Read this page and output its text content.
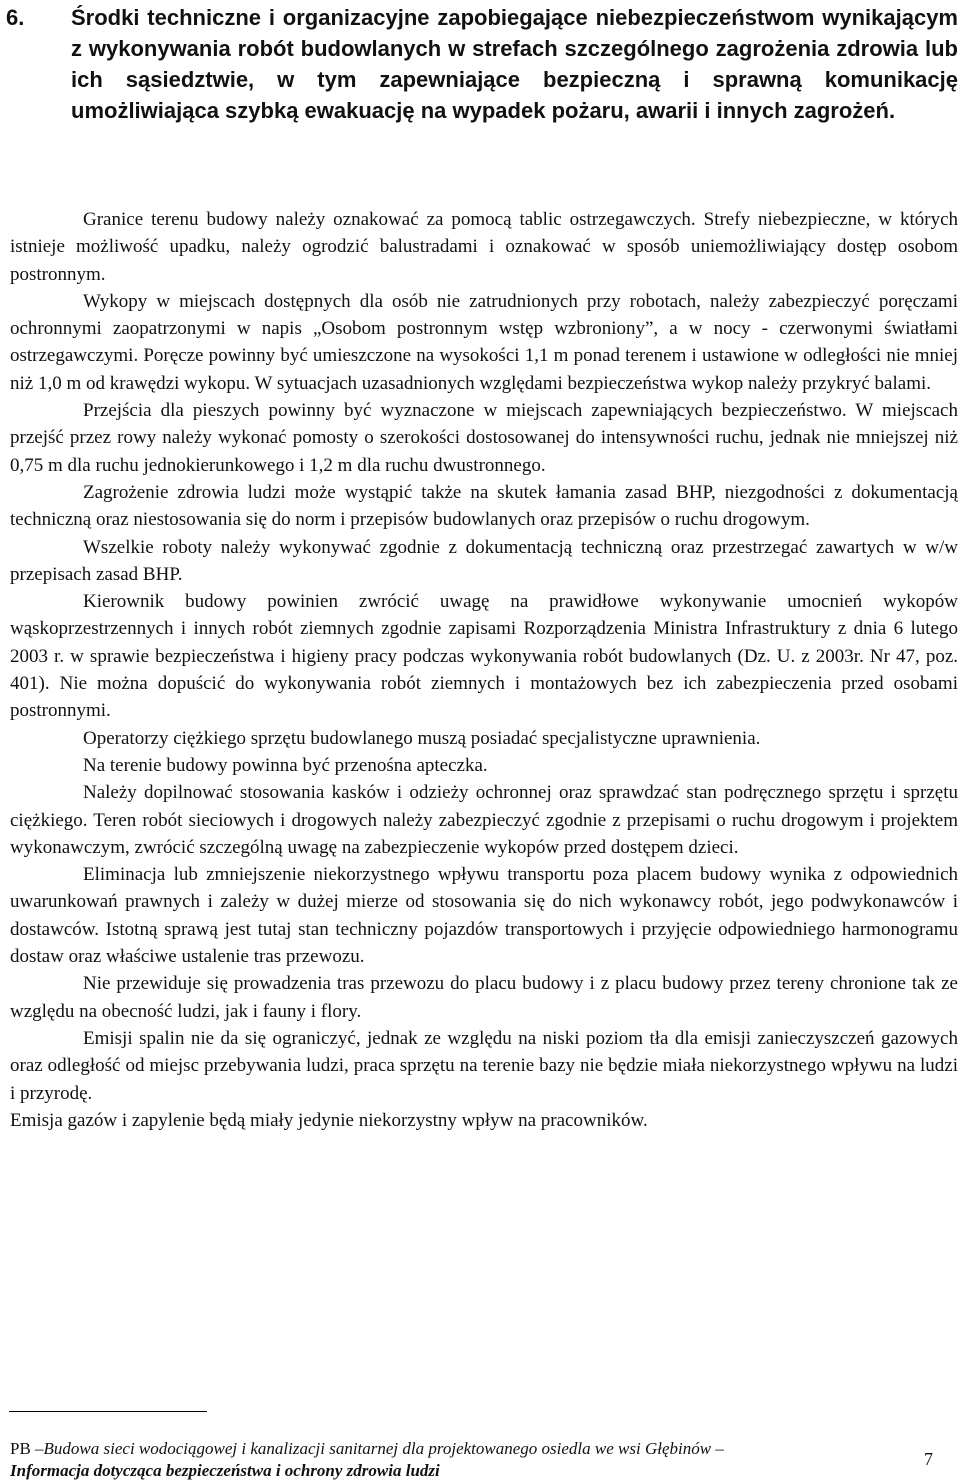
6. Środki techniczne i organizacyjne zapobiegające niebezpieczeństwom wynikającym z wykonywania robót budowlanych w strefach szczególnego zagrożenia zdrowia lub ich sąsiedztwie, w tym zapewniające bezpieczną i sprawną komunikację umożliwiająca szybką ewakuację na wypadek pożaru, awarii i innych zagrożeń.

Granice terenu budowy należy oznakować za pomocą tablic ostrzegawczych. Strefy niebezpieczne, w których istnieje możliwość upadku, należy ogrodzić balustradami i oznakować w sposób uniemożliwiający dostęp osobom postronnym.

Wykopy w miejscach dostępnych dla osób nie zatrudnionych przy robotach, należy zabezpieczyć poręczami ochronnymi zaopatrzonymi w napis „Osobom postronnym wstęp wzbroniony”, a w nocy - czerwonymi światłami ostrzegawczymi. Poręcze powinny być umieszczone na wysokości 1,1 m ponad terenem i ustawione w odległości nie mniej niż 1,0 m od krawędzi wykopu. W sytuacjach uzasadnionych względami bezpieczeństwa wykop należy przykryć balami.

Przejścia dla pieszych powinny być wyznaczone w miejscach zapewniających bezpieczeństwo. W miejscach przejść przez rowy należy wykonać pomosty o szerokości dostosowanej do intensywności ruchu, jednak nie mniejszej niż 0,75 m dla ruchu jednokierunkowego i 1,2 m dla ruchu dwustronnego.

Zagrożenie zdrowia ludzi może wystąpić także na skutek łamania zasad BHP, niezgodności z dokumentacją techniczną oraz niestosowania się do norm i przepisów budowlanych oraz przepisów o ruchu drogowym.

Wszelkie roboty należy wykonywać zgodnie z dokumentacją techniczną oraz przestrzegać zawartych w w/w przepisach zasad BHP.

Kierownik budowy powinien zwrócić uwagę na prawidłowe wykonywanie umocnień wykopów wąskoprzestrzennych i innych robót ziemnych zgodnie zapisami Rozporządzenia Ministra Infrastruktury z dnia 6 lutego 2003 r. w sprawie bezpieczeństwa i higieny pracy podczas wykonywania robót budowlanych (Dz. U. z 2003r. Nr 47, poz. 401). Nie można dopuścić do wykonywania robót ziemnych i montażowych bez ich zabezpieczenia przed osobami postronnymi.

Operatorzy ciężkiego sprzętu budowlanego muszą posiadać specjalistyczne uprawnienia.

Na terenie budowy powinna być przenośna apteczka.

Należy dopilnować stosowania kasków i odzieży ochronnej oraz sprawdzać stan podręcznego sprzętu i sprzętu ciężkiego. Teren robót sieciowych i drogowych należy zabezpieczyć zgodnie z przepisami o ruchu drogowym i projektem wykonawczym, zwrócić szczególną uwagę na zabezpieczenie wykopów przed dostępem dzieci.

Eliminacja lub zmniejszenie niekorzystnego wpływu transportu poza placem budowy wynika z odpowiednich uwarunkowań prawnych i zależy w dużej mierze od stosowania się do nich wykonawcy robót, jego podwykonawców i dostawców. Istotną sprawą jest tutaj stan techniczny pojazdów transportowych i przyjęcie odpowiedniego harmonogramu dostaw oraz właściwe ustalenie tras przewozu.

Nie przewiduje się prowadzenia tras przewozu do placu budowy i z placu budowy przez tereny chronione tak ze względu na obecność ludzi, jak i fauny i flory.

Emisji spalin nie da się ograniczyć, jednak ze względu na niski poziom tła dla emisji zanieczyszczeń gazowych oraz odległość od miejsc przebywania ludzi, praca sprzętu na terenie bazy nie będzie miała niekorzystnego wpływu na ludzi i przyrodę.

Emisja gazów i zapylenie będą miały jedynie niekorzystny wpływ na pracowników.

PB –Budowa sieci wodociągowej i kanalizacji sanitarnej dla projektowanego osiedla we wsi Głębinów –
Informacja dotycząca bezpieczeństwa i ochrony zdrowia ludzi
7
